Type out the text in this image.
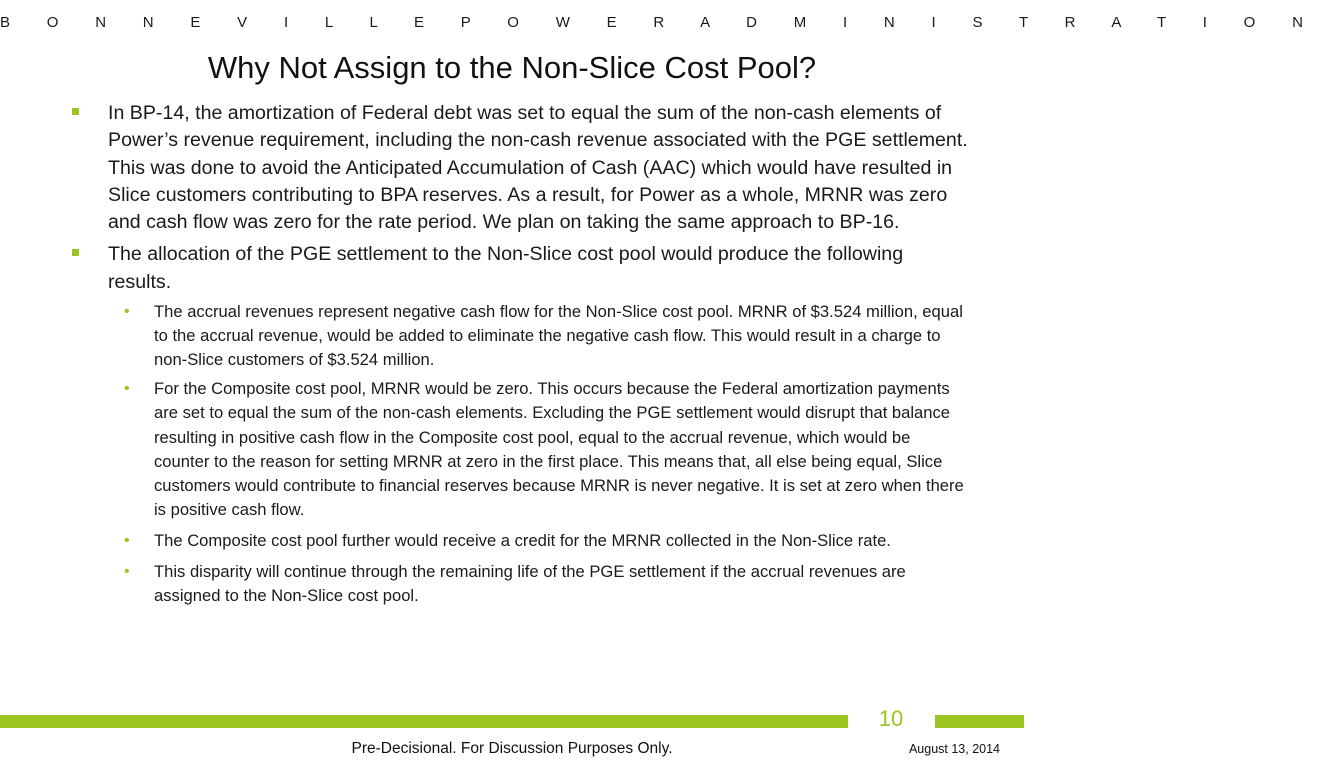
B O N N E V I L L E P O W E R A D M I N I S T R A T I O N
Why Not Assign to the Non-Slice Cost Pool?
In BP-14, the amortization of Federal debt was set to equal the sum of the non-cash elements of Power’s revenue requirement, including the non-cash revenue associated with the PGE settlement. This was done to avoid the Anticipated Accumulation of Cash (AAC) which would have resulted in Slice customers contributing to BPA reserves. As a result, for Power as a whole, MRNR was zero and cash flow was zero for the rate period. We plan on taking the same approach to BP-16.
The allocation of the PGE settlement to the Non-Slice cost pool would produce the following results.
• The accrual revenues represent negative cash flow for the Non-Slice cost pool. MRNR of $3.524 million, equal to the accrual revenue, would be added to eliminate the negative cash flow. This would result in a charge to non-Slice customers of $3.524 million.
• For the Composite cost pool, MRNR would be zero. This occurs because the Federal amortization payments are set to equal the sum of the non-cash elements. Excluding the PGE settlement would disrupt that balance resulting in positive cash flow in the Composite cost pool, equal to the accrual revenue, which would be counter to the reason for setting MRNR at zero in the first place. This means that, all else being equal, Slice customers would contribute to financial reserves because MRNR is never negative. It is set at zero when there is positive cash flow.
• The Composite cost pool further would receive a credit for the MRNR collected in the Non-Slice rate.
• This disparity will continue through the remaining life of the PGE settlement if the accrual revenues are assigned to the Non-Slice cost pool.
10
Pre-Decisional. For Discussion Purposes Only.	August 13, 2014
